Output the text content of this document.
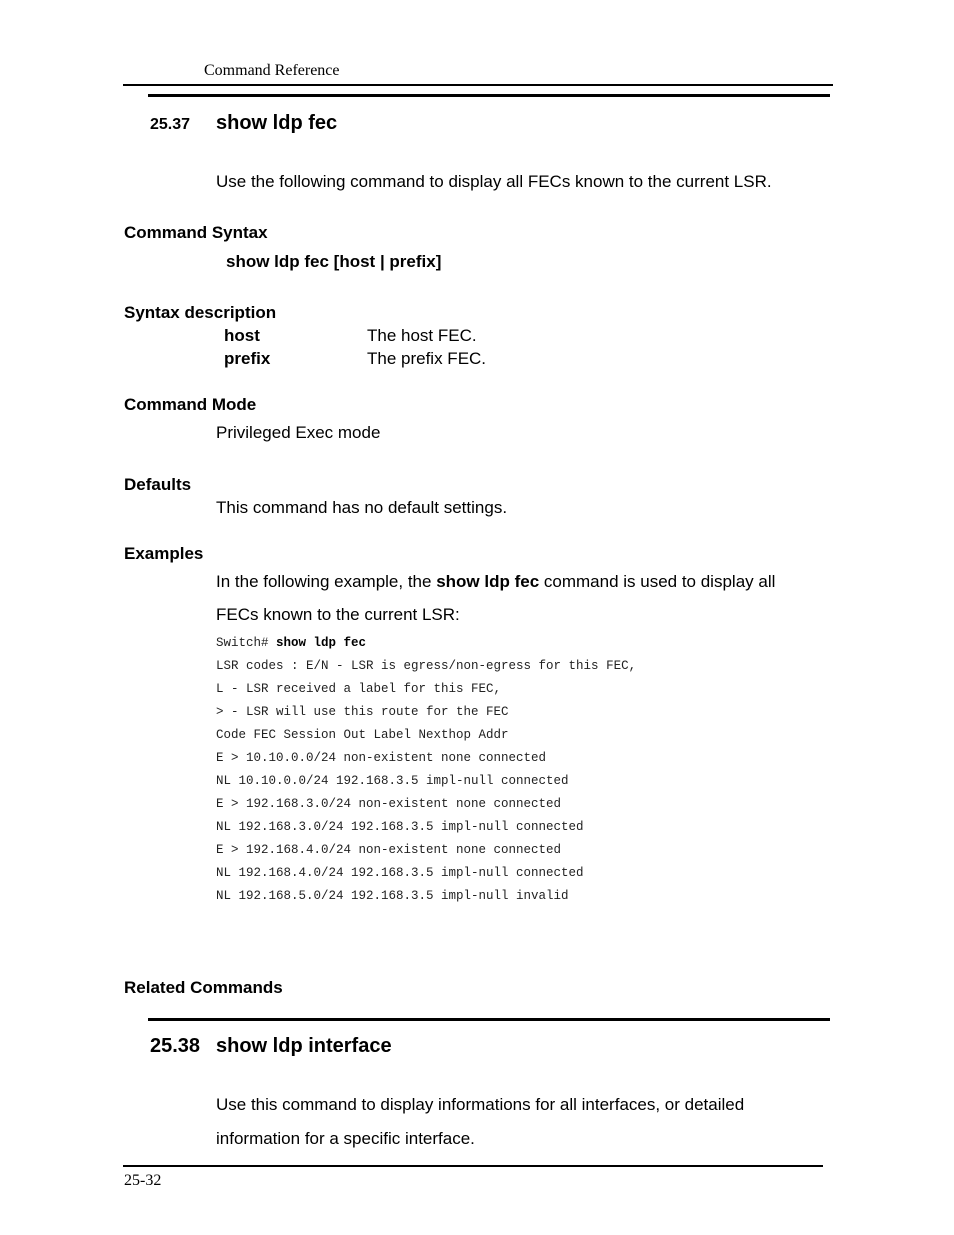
Command Reference
25.37 show ldp fec
Use the following command to display all FECs known to the current LSR.
Command Syntax
show ldp fec [host | prefix]
Syntax description
host	The host FEC.
prefix	The prefix FEC.
Command Mode
Privileged Exec mode
Defaults
This command has no default settings.
Examples
In the following example, the show ldp fec command is used to display all
FECs known to the current LSR:
Switch# show ldp fec
LSR codes : E/N - LSR is egress/non-egress for this FEC,
L - LSR received a label for this FEC,
> - LSR will use this route for the FEC
Code FEC Session Out Label Nexthop Addr
E > 10.10.0.0/24 non-existent none connected
NL 10.10.0.0/24 192.168.3.5 impl-null connected
E > 192.168.3.0/24 non-existent none connected
NL 192.168.3.0/24 192.168.3.5 impl-null connected
E > 192.168.4.0/24 non-existent none connected
NL 192.168.4.0/24 192.168.3.5 impl-null connected
NL 192.168.5.0/24 192.168.3.5 impl-null invalid
Related Commands
25.38 show ldp interface
Use this command to display informations for all interfaces, or detailed
information for a specific interface.
25-32
